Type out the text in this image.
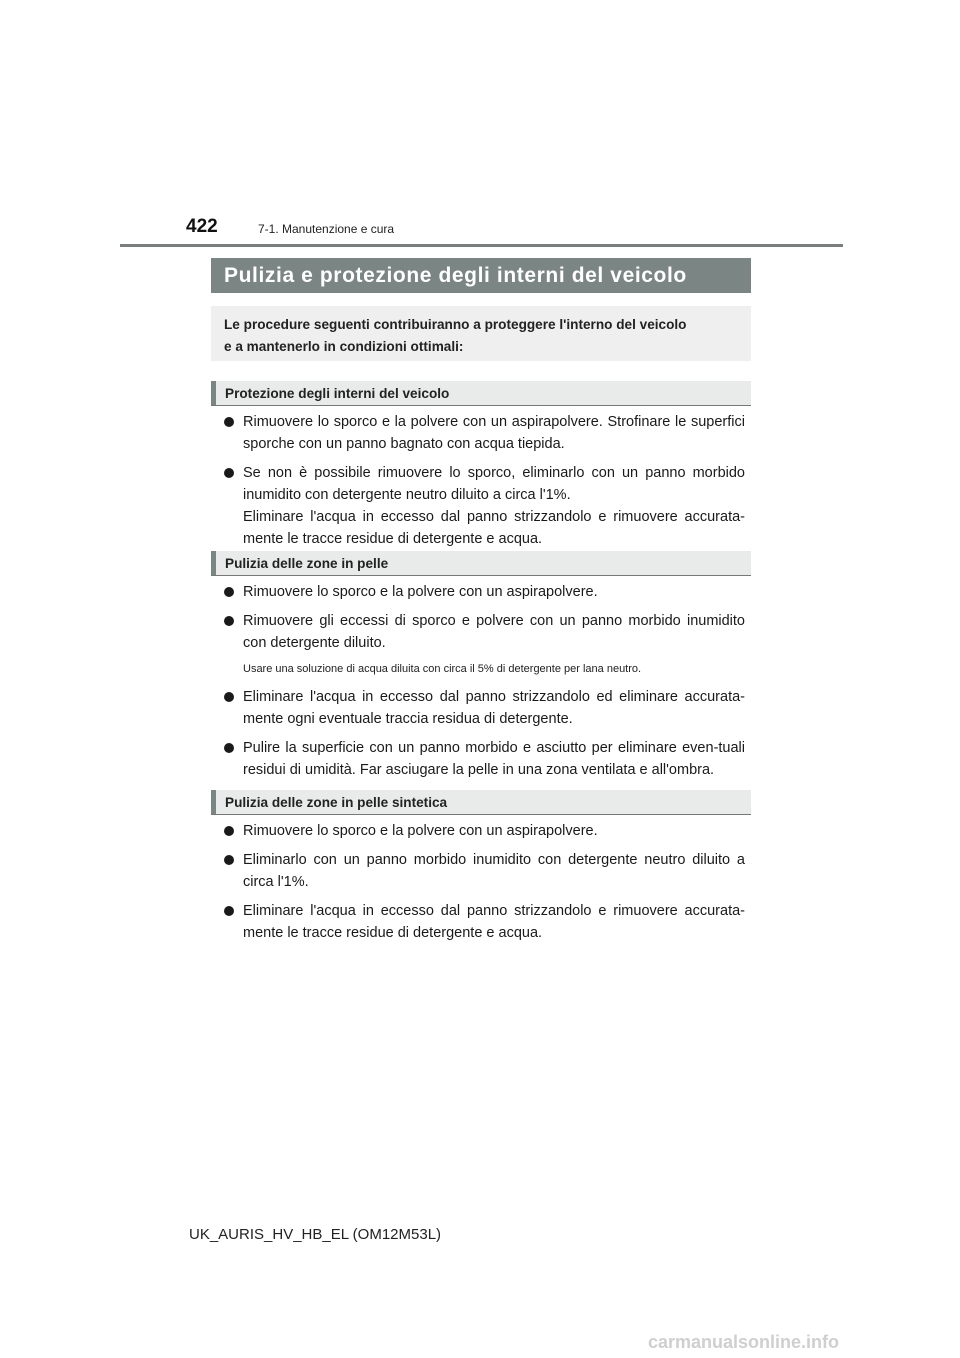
422	7-1. Manutenzione e cura
Pulizia e protezione degli interni del veicolo
Le procedure seguenti contribuiranno a proteggere l'interno del veicolo
e a mantenerlo in condizioni ottimali:
Protezione degli interni del veicolo
Rimuovere lo sporco e la polvere con un aspirapolvere. Strofinare le superfici sporche con un panno bagnato con acqua tiepida.
Se non è possibile rimuovere lo sporco, eliminarlo con un panno morbido inumidito con detergente neutro diluito a circa l'1%.
Eliminare l'acqua in eccesso dal panno strizzandolo e rimuovere accurata-mente le tracce residue di detergente e acqua.
Pulizia delle zone in pelle
Rimuovere lo sporco e la polvere con un aspirapolvere.
Rimuovere gli eccessi di sporco e polvere con un panno morbido inumidito con detergente diluito.
Usare una soluzione di acqua diluita con circa il 5% di detergente per lana neutro.
Eliminare l'acqua in eccesso dal panno strizzandolo ed eliminare accurata-mente ogni eventuale traccia residua di detergente.
Pulire la superficie con un panno morbido e asciutto per eliminare even-tuali residui di umidità. Far asciugare la pelle in una zona ventilata e all'ombra.
Pulizia delle zone in pelle sintetica
Rimuovere lo sporco e la polvere con un aspirapolvere.
Eliminarlo con un panno morbido inumidito con detergente neutro diluito a circa l'1%.
Eliminare l'acqua in eccesso dal panno strizzandolo e rimuovere accurata-mente le tracce residue di detergente e acqua.
UK_AURIS_HV_HB_EL (OM12M53L)
carmanualsonline.info
